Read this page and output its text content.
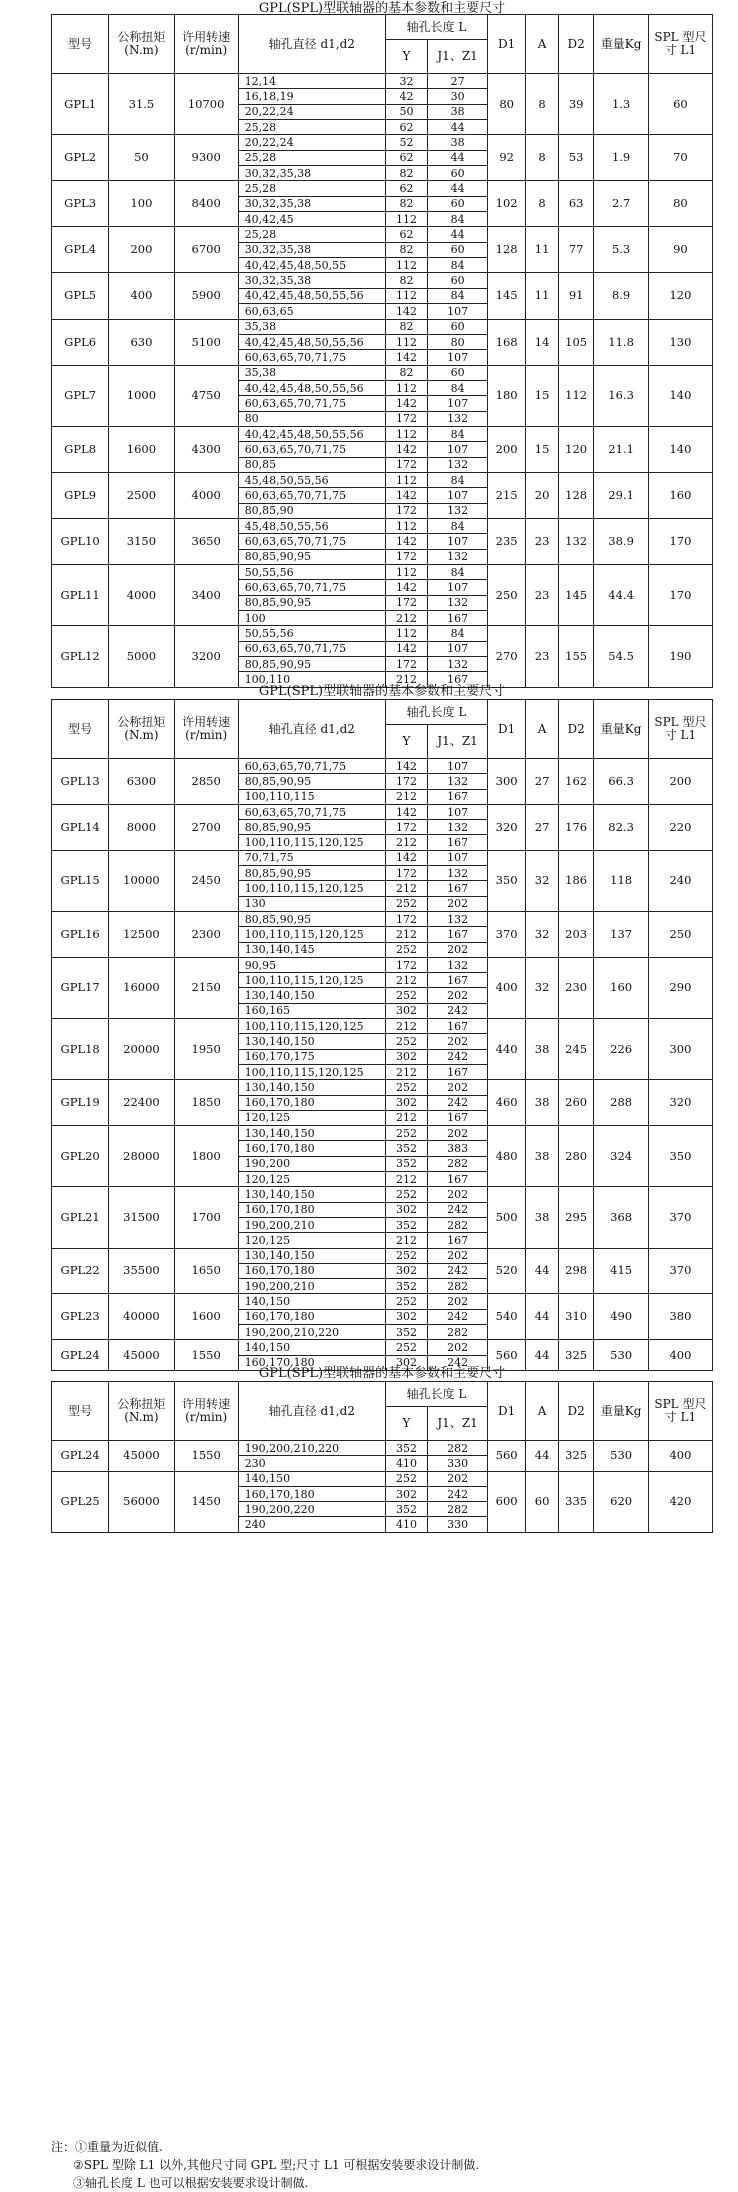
GPL(SPL)型联轴器的基本参数和主要尺寸
型号	公称扭矩(N.m)	许用转速(r/min)	轴孔直径 d1,d2	轴孔长度 L		D1	A	D2	重量Kg	SPL 型尺寸 L1
				Y	J1、Z1					
GPL1	31.5	10700	12,14	32	27	80	8	39	1.3	60
			16,18,19	42	30					
			20,22,24	50	38					
			25,28	62	44					
GPL2	50	9300	20,22,24	52	38	92	8	53	1.9	70
			25,28	62	44					
			30,32,35,38	82	60					
GPL3	100	8400	25,28	62	44	102	8	63	2.7	80
			30,32,35,38	82	60					
			40,42,45	112	84					
GPL4	200	6700	25,28	62	44	128	11	77	5.3	90
			30,32,35,38	82	60					
			40,42,45,48,50,55	112	84					
GPL5	400	5900	30,32,35,38	82	60	145	11	91	8.9	120
			40,42,45,48,50,55,56	112	84					
			60,63,65	142	107					
GPL6	630	5100	35,38	82	60	168	14	105	11.8	130
			40,42,45,48,50,55,56	112	80					
			60,63,65,70,71,75	142	107					
GPL7	1000	4750	35,38	82	60	180	15	112	16.3	140
			40,42,45,48,50,55,56	112	84					
			60,63,65,70,71,75	142	107					
			80	172	132					
GPL8	1600	4300	40,42,45,48,50,55,56	112	84	200	15	120	21.1	140
			60,63,65,70,71,75	142	107					
			80,85	172	132					
GPL9	2500	4000	45,48,50,55,56	112	84	215	20	128	29.1	160
			60,63,65,70,71,75	142	107					
			80,85,90	172	132					
GPL10	3150	3650	45,48,50,55,56	112	84	235	23	132	38.9	170
			60,63,65,70,71,75	142	107					
			80,85,90,95	172	132					
GPL11	4000	3400	50,55,56	112	84	250	23	145	44.4	170
			60,63,65,70,71,75	142	107					
			80,85,90,95	172	132					
			100	212	167					
GPL12	5000	3200	50,55,56	112	84	270	23	155	54.5	190
			60,63,65,70,71,75	142	107					
			80,85,90,95	172	132					
			100,110	212	167					
GPL(SPL)型联轴器的基本参数和主要尺寸
型号	公称扭矩(N.m)	许用转速(r/min)	轴孔直径 d1,d2	轴孔长度 L		D1	A	D2	重量Kg	SPL 型尺寸 L1
				Y	J1、Z1					
GPL13	6300	2850	60,63,65,70,71,75	142	107	300	27	162	66.3	200
			80,85,90,95	172	132					
			100,110,115	212	167					
GPL14	8000	2700	60,63,65,70,71,75	142	107	320	27	176	82.3	220
			80,85,90,95	172	132					
			100,110,115,120,125	212	167					
GPL15	10000	2450	70,71,75	142	107	350	32	186	118	240
			80,85,90,95	172	132					
			100,110,115,120,125	212	167					
			130	252	202					
GPL16	12500	2300	80,85,90,95	172	132	370	32	203	137	250
			100,110,115,120,125	212	167					
			130,140,145	252	202					
GPL17	16000	2150	90,95	172	132	400	32	230	160	290
			100,110,115,120,125	212	167					
			130,140,150	252	202					
			160,165	302	242					
GPL18	20000	1950	100,110,115,120,125	212	167	440	38	245	226	300
			130,140,150	252	202					
			160,170,175	302	242					
			100,110,115,120,125	212	167					
GPL19	22400	1850	130,140,150	252	202	460	38	260	288	320
			160,170,180	302	242					
			120,125	212	167					
GPL20	28000	1800	130,140,150	252	202	480	38	280	324	350
			160,170,180	352	383					
			190,200	352	282					
			120,125	212	167					
GPL21	31500	1700	130,140,150	252	202	500	38	295	368	370
			160,170,180	302	242					
			190,200,210	352	282					
			120,125	212	167					
GPL22	35500	1650	130,140,150	252	202	520	44	298	415	370
			160,170,180	302	242					
			190,200,210	352	282					
GPL23	40000	1600	140,150	252	202	540	44	310	490	380
			160,170,180	302	242					
			190,200,210,220	352	282					
GPL24	45000	1550	140,150	252	202	560	44	325	530	400
			160,170,180	302	242					
GPL(SPL)型联轴器的基本参数和主要尺寸
型号	公称扭矩(N.m)	许用转速(r/min)	轴孔直径 d1,d2	轴孔长度 L		D1	A	D2	重量Kg	SPL 型尺寸 L1
				Y	J1、Z1					
GPL24	45000	1550	190,200,210,220	352	282	560	44	325	530	400
			230	410	330					
GPL25	56000	1450	140,150	252	202	600	60	335	620	420
			160,170,180	302	242					
			190,200,220	352	282					
			240	410	330					
注：①重量为近似值.
②SPL 型除 L1 以外,其他尺寸同 GPL 型;尺寸 L1 可根据安装要求设计制做.
③轴孔长度 L 也可以根据安装要求设计制做.
